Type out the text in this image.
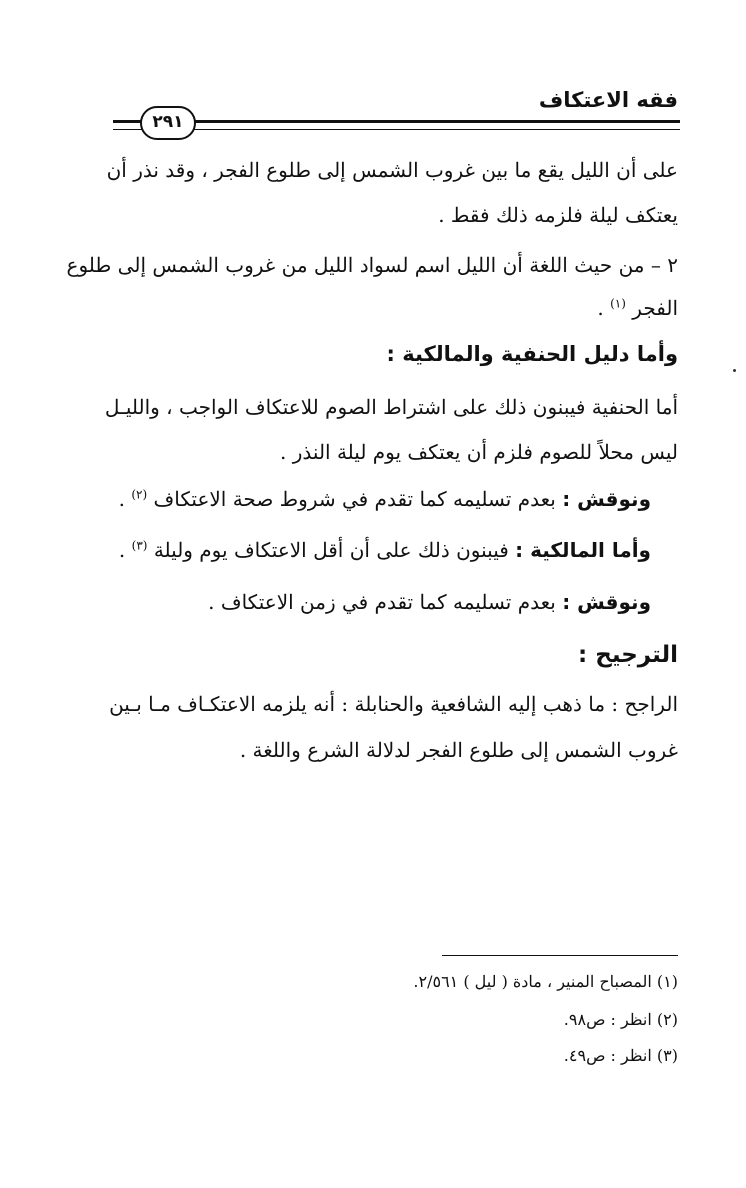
فقه الاعتكاف
٢٩١
على أن الليل يقع ما بين غروب الشمس إلى طلوع الفجر ، وقد نذر أن
يعتكف ليلة فلزمه ذلك فقط .
٢ – من حيث اللغة أن الليل اسم لسواد الليل من غروب الشمس إلى طلوع
الفجر $^{(١)}$ .
وأما دليل الحنفية والمالكية :
أما الحنفية فيبنون ذلك على اشتراط الصوم للاعتكاف الواجب ، والليـل
ليس محلاً للصوم فلزم أن يعتكف يوم ليلة النذر .
ونوقش : بعدم تسليمه كما تقدم في شروط صحة الاعتكاف $^{(٢)}$ .
وأما المالكية : فيبنون ذلك على أن أقل الاعتكاف يوم وليلة $^{(٣)}$ .
ونوقش : بعدم تسليمه كما تقدم في زمن الاعتكاف .
الترجيح :
الراجح : ما ذهب إليه الشافعية والحنابلة : أنه يلزمه الاعتكـاف مـا بـين
غروب الشمس إلى طلوع الفجر لدلالة الشرع واللغة .
(١) المصباح المنير ، مادة ( ليل ) ٢/٥٦١.
(٢) انظر : ص٩٨.
(٣) انظر : ص٤٩.
